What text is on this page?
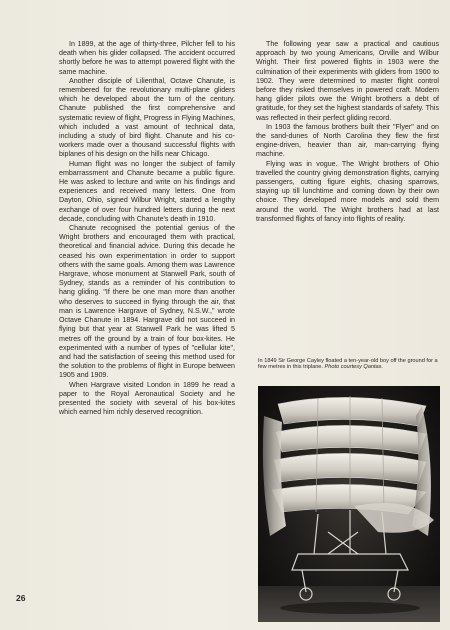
In 1899, at the age of thirty-three, Pilcher fell to his death when his glider collapsed. The accident occurred shortly before he was to attempt powered flight with the same machine.

Another disciple of Lilienthal, Octave Chanute, is remembered for the revolutionary multi-plane gliders which he developed about the turn of the century. Chanute published the first comprehensive and systematic review of flight, Progress in Flying Machines, which included a vast amount of technical data, including a study of bird flight. Chanute and his co-workers made over a thousand successful flights with biplanes of his design on the hills near Chicago.

Human flight was no longer the subject of family embarrassment and Chanute became a public figure. He was asked to lecture and write on his findings and experiences and received many letters. One from Dayton, Ohio, signed Wilbur Wright, started a lengthy exchange of over four hundred letters during the next decade, concluding with Chanute's death in 1910.

Chanute recognised the potential genius of the Wright brothers and encouraged them with practical, theoretical and financial advice. During this decade he ceased his own experimentation in order to support others with the same goals. Among them was Lawrence Hargrave, whose monument at Stanwell Park, south of Sydney, stands as a reminder of his contribution to hang gliding. "If there be one man more than another who deserves to succeed in flying through the air, that man is Lawrence Hargrave of Sydney, N.S.W.," wrote Octave Chanute in 1894. Hargrave did not succeed in flying but that year at Stanwell Park he was lifted 5 metres off the ground by a train of four box-kites. He experimented with a number of types of "cellular kite", and had the satisfaction of seeing this method used for the solution to the problems of flight in Europe between 1905 and 1909.

When Hargrave visited London in 1899 he read a paper to the Royal Aeronautical Society and he presented the society with several of his box-kites which earned him richly deserved recognition.

The following year saw a practical and cautious approach by two young Americans, Orville and Wilbur Wright. Their first powered flights in 1903 were the culmination of their experiments with gliders from 1900 to 1902. They were determined to master flight control before they risked themselves in powered craft. Modern hang glider pilots owe the Wright brothers a debt of gratitude, for they set the highest standards of safety. This was reflected in their perfect gliding record.

In 1903 the famous brothers built their "Flyer" and on the sand-dunes of North Carolina they flew the first engine-driven, heavier than air, man-carrying flying machine.

Flying was in vogue. The Wright brothers of Ohio travelled the country giving demonstration flights, carrying passengers, cutting figure eights, chasing sparrows, staying up till lunchtime and coming down by their own choice. They developed more models and sold them around the world. The Wright brothers had at last transformed flights of fancy into flights of reality.

In 1849 Sir George Cayley floated a ten-year-old boy off the ground for a few metres in this triplane. Photo courtesy Qantas.
26
